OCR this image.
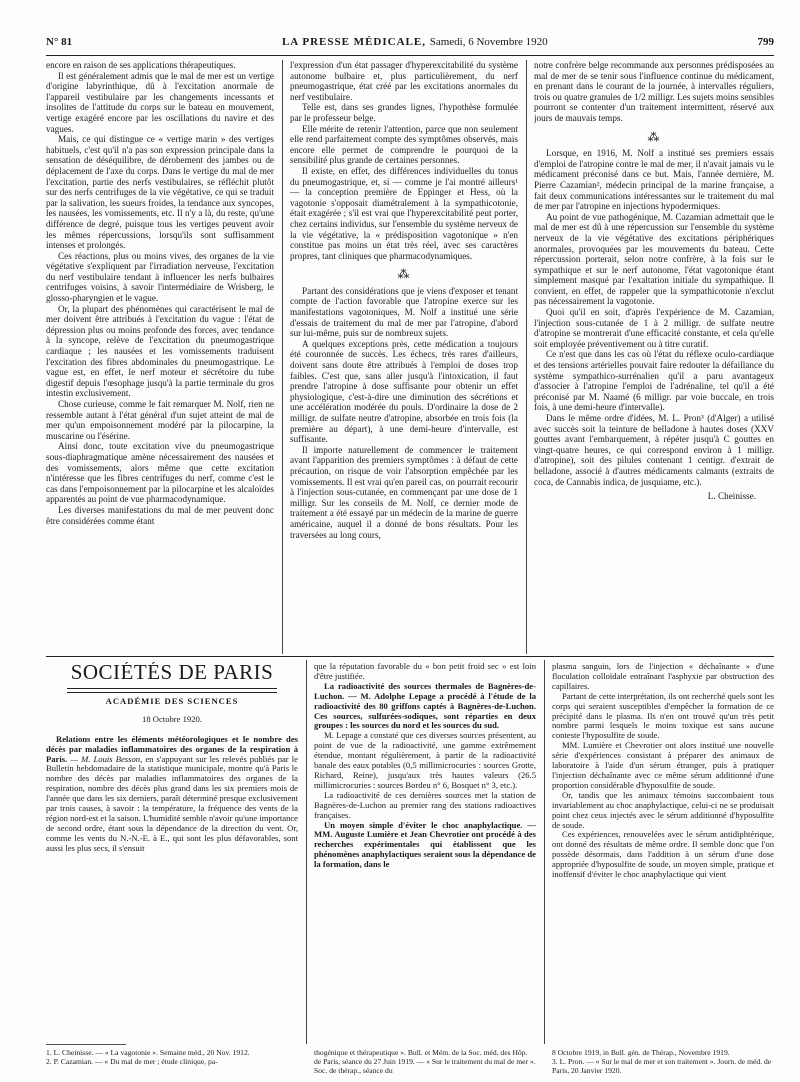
N° 81	LA PRESSE MÉDICALE, Samedi, 6 Novembre 1920	799

encore en raison de ses applications thérapeutiques.

Il est généralement admis que le mal de mer est un vertige d'origine labyrinthique, dû à l'excitation anormale de l'appareil vestibulaire par les changements incessants et insolites de l'attitude du corps sur le bateau en mouvement, vertige exagéré encore par les oscillations du navire et des vagues.

Mais, ce qui distingue ce « vertige marin » des vertiges habituels, c'est qu'il n'a pas son expression principale dans la sensation de déséquilibre, de dérobement des jambes ou de déplacement de l'axe du corps. Dans le vertige du mal de mer l'excitation, partie des nerfs vestibulaires, se réfléchit plutôt sur des nerfs centrifuges de la vie végétative, ce qui se traduit par la salivation, les sueurs froides, la tendance aux syncopes, les nausées, les vomissements, etc. Il n'y a là, du reste, qu'une différence de degré, puisque tous les vertiges peuvent avoir les mêmes répercussions, lorsqu'ils sont suffisamment intenses et prolongés.

Ces réactions, plus ou moins vives, des organes de la vie végétative s'expliquent par l'irradiation nerveuse, l'excitation du nerf vestibulaire tendant à influencer les nerfs bulbaires centrifuges voisins, à savoir l'intermédiaire de Wrisberg, le glosso-pharyngien et le vague.

Or, la plupart des phénomènes qui caractérisent le mal de mer doivent être attribués à l'excitation du vague : l'état de dépression plus ou moins profonde des forces, avec tendance à la syncope, relève de l'excitation du pneumogastrique cardiaque ; les nausées et les vomissements traduisent l'excitation des fibres abdominales du pneumogastrique. Le vague est, en effet, le nerf moteur et sécrétoire du tube digestif depuis l'œsophage jusqu'à la partie terminale du gros intestin exclusivement.

Chose curieuse, comme le fait remarquer M. Nolf, rien ne ressemble autant à l'état général d'un sujet atteint de mal de mer qu'un empoisonnement modéré par la pilocarpine, la muscarine ou l'ésérine.

Ainsi donc, toute excitation vive du pneumogastrique sous-diaphragmatique amène nécessairement des nausées et des vomissements, alors même que cette excitation n'intéresse que les fibres centrifuges du nerf, comme c'est le cas dans l'empoisonnement par la pilocarpine et les alcaloïdes apparentés au point de vue pharmacodynamique.

Les diverses manifestations du mal de mer peuvent donc être considérées comme étant

l'expression d'un état passager d'hyperexcitabilité du système autonome bulbaire et, plus particulièrement, du nerf pneumogastrique, état créé par les excitations anormales du nerf vestibulaire.

Telle est, dans ses grandes lignes, l'hypothèse formulée par le professeur belge.

Elle mérite de retenir l'attention, parce que non seulement elle rend parfaitement compte des symptômes observés, mais encore elle permet de comprendre le pourquoi de la sensibilité plus grande de certaines personnes.

Il existe, en effet, des différences individuelles du tonus du pneumogastrique, et, si — comme je l'ai montré ailleurs¹ — la conception première de Eppinger et Hess, où la vagotonie s'opposait diamétralement à la sympathicotonie, était exagérée ; s'il est vrai que l'hyperexcitabilité peut porter, chez certains individus, sur l'ensemble du système nerveux de la vie végétative, la « prédisposition vagotonique » n'en constitue pas moins un état très réel, avec ses caractères propres, tant cliniques que pharmacodynamiques.

⁂

Partant des considérations que je viens d'exposer et tenant compte de l'action favorable que l'atropine exerce sur les manifestations vagotoniques, M. Nolf a institué une série d'essais de traitement du mal de mer par l'atropine, d'abord sur lui-même, puis sur de nombreux sujets.

A quelques exceptions près, cette médication a toujours été couronnée de succès. Les échecs, très rares d'ailleurs, doivent sans doute être attribués à l'emploi de doses trop faibles. C'est que, sans aller jusqu'à l'intoxication, il faut prendre l'atropine à dose suffisante pour obtenir un effet physiologique, c'est-à-dire une diminution des sécrétions et une accélération modérée du pouls. D'ordinaire la dose de 2 milligr. de sulfate neutre d'atropine, absorbée en trois fois (la première au départ), à une demi-heure d'intervalle, est suffisante.

Il importe naturellement de commencer le traitement avant l'apparition des premiers symptômes : à défaut de cette précaution, on risque de voir l'absorption empêchée par les vomissements. Il est vrai qu'en pareil cas, on pourrait recourir à l'injection sous-cutanée, en commençant par une dose de 1 milligr. Sur les conseils de M. Nolf, ce dernier mode de traitement a été essayé par un médecin de la marine de guerre américaine, auquel il a donné de bons résultats. Pour les traversées au long cours,

notre confrère belge recommande aux personnes prédisposées au mal de mer de se tenir sous l'influence continue du médicament, en prenant dans le courant de la journée, à intervalles réguliers, trois ou quatre granules de 1/2 milligr. Les sujets moins sensibles pourront se contenter d'un traitement intermittent, réservé aux jours de mauvais temps.

⁂

Lorsque, en 1916, M. Nolf a institué ses premiers essais d'emploi de l'atropine contre le mal de mer, il n'avait jamais vu le médicament préconisé dans ce but. Mais, l'année dernière, M. Pierre Cazamian², médecin principal de la marine française, a fait deux communications intéressantes sur le traitement du mal de mer par l'atropine en injections hypodermiques.

Au point de vue pathogénique, M. Cazamian admettait que le mal de mer est dû à une répercussion sur l'ensemble du système nerveux de la vie végétative des excitations périphériques anormales, provoquées par les mouvements du bateau. Cette répercussion porterait, selon notre confrère, à la fois sur le sympathique et sur le nerf autonome, l'état vagotonique étant simplement masqué par l'exaltation initiale du sympathique. Il convient, en effet, de rappeler que la sympathicotonie n'exclut pas nécessairement la vagotonie.

Quoi qu'il en soit, d'après l'expérience de M. Cazamian, l'injection sous-cutanée de 1 à 2 milligr. de sulfate neutre d'atropine se montrerait d'une efficacité constante, et cela qu'elle soit employée préventivement ou à titre curatif.

Ce n'est que dans les cas où l'état du réflexe oculo-cardiaque et des tensions artérielles pouvait faire redouter la défaillance du système sympathico-surrénalien qu'il a paru avantageux d'associer à l'atropine l'emploi de l'adrénaline, tel qu'il a été préconisé par M. Naamé (6 milligr. par voie buccale, en trois fois, à une demi-heure d'intervalle).

Dans le même ordre d'idées, M. L. Pron³ (d'Alger) a utilisé avec succès soit la teinture de belladone à hautes doses (XXV gouttes avant l'embarquement, à répéter jusqu'à C gouttes en vingt-quatre heures, ce qui correspond environ à 1 milligr. d'atropine), soit des pilules contenant 1 centigr. d'extrait de belladone, associé à d'autres médicaments calmants (extraits de coca, de Cannabis indica, de jusquiame, etc.).

L. Cheinisse.
SOCIÉTÉS DE PARIS
ACADÉMIE DES SCIENCES
18 Octobre 1920.

Relations entre les éléments météorologiques et le nombre des décès par maladies inflammatoires des organes de la respiration à Paris. — M. Louis Besson, en s'appuyant sur les relevés publiés par le Bulletin hebdomadaire de la statistique municipale, montre qu'à Paris le nombre des décès par maladies inflammatoires des organes de la respiration, nombre des décès plus grand dans les six premiers mois de l'année que dans les six derniers, paraît déterminé presque exclusivement par trois causes, à savoir : la température, la fréquence des vents de la région nord-est et la saison. L'humidité semble n'avoir qu'une importance de second ordre, étant sous la dépendance de la direction du vent. Or, comme les vents du N.-N.-E. à E., qui sont les plus défavorables, sont aussi les plus secs, il s'ensuit

que la réputation favorable du « bon petit froid sec » est loin d'être justifiée.

La radioactivité des sources thermales de Bagnères-de-Luchon. — M. Adolphe Lepage a procédé à l'étude de la radioactivité des 80 griffons captés à Bagnères-de-Luchon. Ces sources, sulfurées-sodiques, sont réparties en deux groupes : les sources du nord et les sources du sud.

M. Lepage a constaté que ces diverses sources présentent, au point de vue de la radioactivité, une gamme extrêmement étendue, montant régulièrement, à partir de la radioactivité banale des eaux potables (0,5 millimicrocuries : sources Grotte, Richard, Reine), jusqu'aux très hautes valeurs (26.5 millimicrocuries : sources Bordeu n° 6, Bosquet n° 3, etc.).

La radioactivité de ces dernières sources met la station de Bagnères-de-Luchon au premier rang des stations radioactives françaises.

Un moyen simple d'éviter le choc anaphylactique. — MM. Auguste Lumière et Jean Chevrotier ont procédé à des recherches expérimentales qui établissent que les phénomènes anaphylactiques seraient sous la dépendance de la formation, dans le

plasma sanguin, lors de l'injection « déchaînante » d'une floculation colloïdale entraînant l'asphyxie par obstruction des capillaires.

Partant de cette interprétation, ils ont recherché quels sont les corps qui seraient susceptibles d'empêcher la formation de ce précipité dans le plasma. Ils n'en ont trouvé qu'un très petit nombre parmi lesquels le moins toxique est sans aucune conteste l'hyposulfite de soude.

MM. Lumière et Chevrotier ont alors institué une nouvelle série d'expériences consistant à préparer des animaux de laboratoire à l'aide d'un sérum étranger, puis à pratiquer l'injection déchaînante avec ce même sérum additionné d'une proportion considérable d'hyposulfite de soude.

Or, tandis que les animaux témoins succombaient tous invariablement au choc anaphylactique, celui-ci ne se produisait point chez ceux injectés avec le sérum additionné d'hyposulfite de soude.

Ces expériences, renouvelées avec le sérum antidiphtérique, ont donné des résultats de même ordre. Il semble donc que l'on possède désormais, dans l'addition à un sérum d'une dose appropriée d'hyposulfite de soude, un moyen simple, pratique et inoffensif d'éviter le choc anaphylactique qui vient

1. L. Cheinisse. — « La vagotonie ». Semaine méd., 20 Nov. 1912.
2. P. Cazamian. — « Du mal de mer ; étude clinique, pa-
thogénique et thérapeutique ». Bull. et Mém. de la Soc. méd. des Hôp. de Paris, séance du 27 Juin 1919. — « Sur le traitement du mal de mer ». Soc. de thérap., séance du
8 Octobre 1919, in Bull. gén. de Thérap., Novembre 1919.
3. L. Pron. — « Sur le mal de mer et son traitement ». Journ. de méd. de Paris, 20 Janvier 1920.
